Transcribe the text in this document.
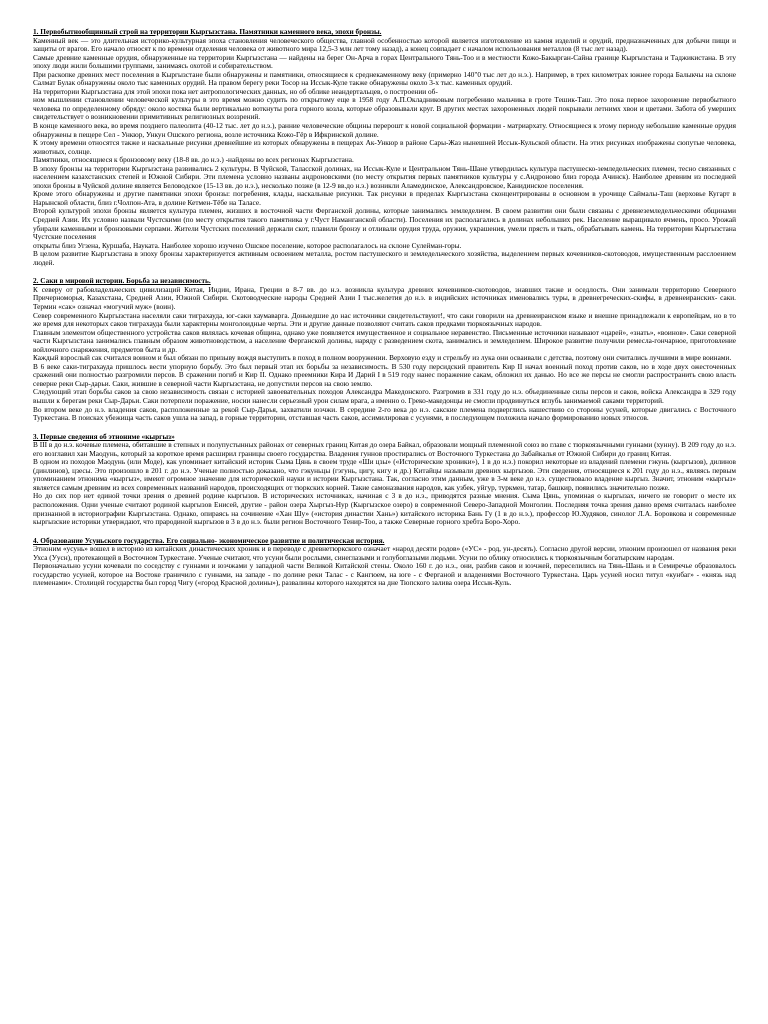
1. Первобытнообщинный строй на территории Кыргызстана. Памятники каменного века, эпохи бронзы.

Каменный век — это длительная историко-культурная эпоха становления человеческого общества, главной особенностью которой является изготовление из камня изделий и орудий, предназначенных для добычи пищи и защиты от врагов. Его начало относят к по времени отделения человека от животного мира 12,5-3 млн лет тому назад), а конец совпадает с началом использования металлов (8 тыс лет назад).

Самые древние каменные орудия, обнаруженные на территории Кыргызстана — найдены на берег Он-Арча в горах Центрального Тянь-Тоо и в местности Кожо-Бакырган-Сайна границе Кыргызстана и Таджикистана. В эту эпоху люди жили большими группами, занимаясь охотой и собирательством.

При раскопке древних мест поселения в Кыргызстане были обнаружены и памятники, относящиеся к среднекаменному веку (примерно 140"0 тыс лет до н.э.). Например, в трех километрах южнее города Балыкчы на склоне Салмат Булак обнаружены около тыс каменных орудий. На правом берегу реки Тосор на Иссык-Куле также обнаружены около 3-х тыс. каменных орудий.

На территории Кыргызстана для этой эпохи пока нет антропологических данных, но об облике неандертальцев, о построении об-

ном мышлении становлении человеческой культуры в это время можно судить по открытому еще в 1958 году А.П.Окладниковым погребению мальчика в гроте Тешик-Таш. Это пока первое захоронение первобытного человека по определенному обряду: около костяка были вертикально воткнуты рога горного козла, которые образовывали круг. В других местах захороненных людей покрывали летнимх хвои и цветами. Забота об умерших свидетельствует о возникновении примитивных религиозных воззрений.

В конце каменного века, во время позднего палеолита (40-12 тыс. лет до н.э.), ранние человеческие общины перерошт к новой социальной формации - матриархату. Относящиеся к этому периоду небольшие каменные орудия обнаружены в пещере Сел - Ункюр, Ункун Ошского региона, возле источника Кожо-Гёр в Ифкринской долине.

К этому времени относятся также и наскальные рисунки древнейшие из которых обнаружены в пещерах Ак-Ункюр в районе Сары-Жаз нынешней Иссык-Кульской области. На этих рисунках изображены сюпутые человека, животных, солнце.

Памятники, относящиеся к бронзовому веку (18-8 вв. до н.э.) -найдены во всех регионах Кыргызстана.

В эпоху бронзы на территории Кыргызстана развивались 2 культуры. В Чуйской, Таласской долинах, на Иссык-Куле и Центральном Тянь-Шане утвердилась культура пастушеско-земледельческих племен, тесно связанных с населением казахстанских степей и Южной Сибири. Эти племена условно названы андроновскими (по месту открытия первых памятников культуры у с.Андроново близ города Ачинск). Наиболее древним из последней эпохи бронзы в Чуйской долине является Беловодское (15-13 вв. до н.э.), несколько позже (в 12-9 вв.до н.э.) возникли Аламединское, Александровское, Канидинское поселения.

Кроме этого обнаружены и другие памятники эпохи бронзы: погребения, клады, наскальные рисунки. Так рисунки в пределах Кыргызстана сконцентрированы в основном в урочище Саймалы-Таш (верховье Кугарт в Нарынской области, близ г.Чолпон-Ата, в долине Кетмен-Тёбе на Таласе.

Второй культурой эпохи бронзы является культура племен, жизших в восточной части Ферганской долины, которые занимались земледелием. В своем развитии они были связаны с древнеземледельческими общинами Средней Азии. Их условно назвали Чустскими (по месту открытия такого памятника у г.Чуст Наманганской области). Поселения их располагались в долинах небольших рек. Население выращивало ячмень, просо. Урожай убирали каменными и бронзовыми серпами. Жители Чустских поселений держали скот, плавили бронзу и отливали орудия труда, оружия, украшения, умели прясть и ткать, обрабатывать камень. На территории Кыргызстана Чустские поселения

открыты близ Угзена, Куршаба, Науката. Наиболее хорошо изучено Ошское поселение, которое располагалось на склоне Сулейман-горы.

В целом развитие Кыргызстана в эпоху бронзы характеризуется активным освоением металла, ростом пастушеского и земледельческого хозяйства, выделением первых кочевников-скотоводов, имущественным расслоением людей.

2. Саки в мировой истории. Борьба за независимость.

К северу от рабовладельческих цивилизаций Китая, Индии, Ирана, Греции в 8-7 вв. до н.э. возникла культура древних кочевников-скотоводов, знавших также и оседлость. Они занимали территорию Северного Причерноморья, Казахстана, Средней Азии, Южной Сибири. Скотоводческие народы Средней Азии I тыс.желетия до н.э. в индийских источниках именовались туры, в древнегреческих-скифы, в древнеиранских- саки. Термин «сак» означал «могучий муж» (воин).

Север современного Кыргызстана населяли саки тиграхауда, юг-саки хаумаварга. Доныедшие до нас источники свидетельствуют!, что саки говорили на древнеиранском языке и внешне принадлежали к европейцам, но в то же время для некоторых саков тиграхауда были характерны монголоидные черты. Эти и другие данные позволяют считать саков предками тюркоязычных народов.

Главным элементом общественного устройства саков являлась кочевая община, однако уже появляется имущественное и социальное неравенство. Письменные источники называют «царей», «знать», «воинов». Саки северной части Кыргызстана занимались главным образом животноводством, а население Ферганской долины, наряду с разведением скота, занимались и земледелием. Широкое развитие получили ремесла-гончарное, приготовление войлочного снаряжения, предметов быта и др.

Каждый взрослый сак считался воином и был обязан по призыву вождя выступить в поход в полном вооружении. Верховую езду и стрельбу из лука они осваивали с детства, поэтому они считались лучшими в мире воинами.

В 6 веке саки-тиграхауда пришлось вести упорную борьбу. Это был первый этап их борьбы за независимость. В 530 году персидский правитель Кир II начал военный поход против саков, но в ходе двух ожесточенных сражений они полностью разгромили персов. В сражении погиб и Кир II. Однако преемники Кира И Дарий I в 519 году нанес поражение сакам, обложил их данью. Но все же персы не смогли распространить свою власть северне реки Сыр-дарьи. Саки, жившие в северной части Кыргызстана, не допустили персов на свою землю.

Следующий этап борьбы саков за свою независимость связан с историей завоевательных походов Александра Македонского. Разгромив в 331 году до н.э. объединенные силы персов и саков, войска Александра в 329 году вышли к берегам реки Сыр-Дарьи. Саки потерпели поражение, носии нанесли серьезный урон силам врага, а именно о. Греко-македонцы не смогли продвинуться вглубь занимаемой саками территорий.

Во втором веке до н.э. владения саков, расположенные за рекой Сыр-Дарья, захватили юэчжи. В середине 2-го века до н.э. сакские племена подверглись нашествию со стороны усуней, которые двигались с Восточного Туркестана. В поисках убежища часть саков ушла на запад, в горные территории, отставшая часть саков, ассимилировав с усунями, в последующем положила начало формированию новых этносов.

3. Первые сведения об этнониме «кыргыз»

В III в до н.э. кочевые племена, обитавшие в степных и полупустынных районах от северных границ Китая до озера Байкал, образовали мощный племенной союз во главе с тюркоязычными гуннами (хунну). В 209 году до н.э. его возглавил хан Маодунь, который за короткое время расширил границы своего государства. Владения гуннов простирались от Восточного Туркестана до Забайкалья от Южной Сибири до границ Китая.

В одном из походов Маодунь (или Моде), как упоминает китайский историк Сыма Цянь в своем труде «Ши цзы» («Исторические хроники»), 1 в до н.э.) покорил некоторые из владений племени гэкунь (кыргызов), дилинов (динлинов), цзесы. Это произошло в 201 г. до н.э. Ученые полностью доказано, что гэкуньцы (гэгунь, цигу, кигу и др.) Китайцы называли древних кыргызов. Эти сведения, относящиеся к 201 году до н.э., являясь первым упоминанием этнонима «кыргыз», имеют огромное значение для исторической науки и истории Кыргызстана. Так, согласно этим данным, уже в 3-м веке до н.э. существовало владение кыргыз. Значит, этноним «кыргыз» является самым древним из всех современных названий народов, происходящих от тюркских корней. Такие самоназвания народов, как узбек, уйгур, туркмен, татар, башкир, появились значительно позже.

Но до сих пор нет единой точки зрения о древней родине кыргызов. В исторических источниках, начиная с 3 в до н.э., приводятся разные мнения. Сыма Цянь, упоминая о кыргызах, ничего не говорит о месте их расположения. Одни ученые считают родиной кыргызов Енисей, другие - район озера Хыргыз-Нур (Кыргызское озеро) в современной Северо-Западной Монголии. Последняя точка зрения давно время считалась наиболее признанной в историографии Кыргызстана. Однако, опираясь на сочинение «Хан Шу» («история династии Хань») китайского историка Бань Гу (1 в до н.э.), профессор Ю.Худяков, синолог Л.А. Боровкова и современные кыргызские историки утверждают, что прародиной кыргызов в 3 в до н.э. были регион Восточного Тенир-Тоо, а также Северные горного хребта Боро-Хоро.

4. Образование Усуньского государства. Его социально- экономическое развитие и политическая история.

Этноним «усунь» вошел в историю из китайских династических хроник и в переводе с древнетюркского означает «народ десяти родов» («УС» - род, ун-десять). Согласно другой версии, этноним произошел от названия реки Ухса (Уусн), протекающей в Восточном Туркестане. Ученые считают, что усуни были рослыми, синеглазыми и голубоглазыми людьми. Усуни по облику относились к тюркоязычным богатырским народам.

Первоначально усуни кочевали по соседству с гуннами и юэчжами у западной части Великой Китайской стены. Около 160 г. до н.э., они, разбив саков и юэчжей, переселились на Тянь-Шань и в Семиречье образовалось государство усуней, которое на Востоке граничило с гуннами, на западе - по долине реки Талас - с Кангюем, на юге - с Ферганой и владениями Восточного Туркестана. Царь усуней носил титул «кунбаг» - «князь над племенами». Столицей государства был город Чигу («город Красной долины»), развалины которого находятся на дне Тюпского залива озера Иссык-Куль.
